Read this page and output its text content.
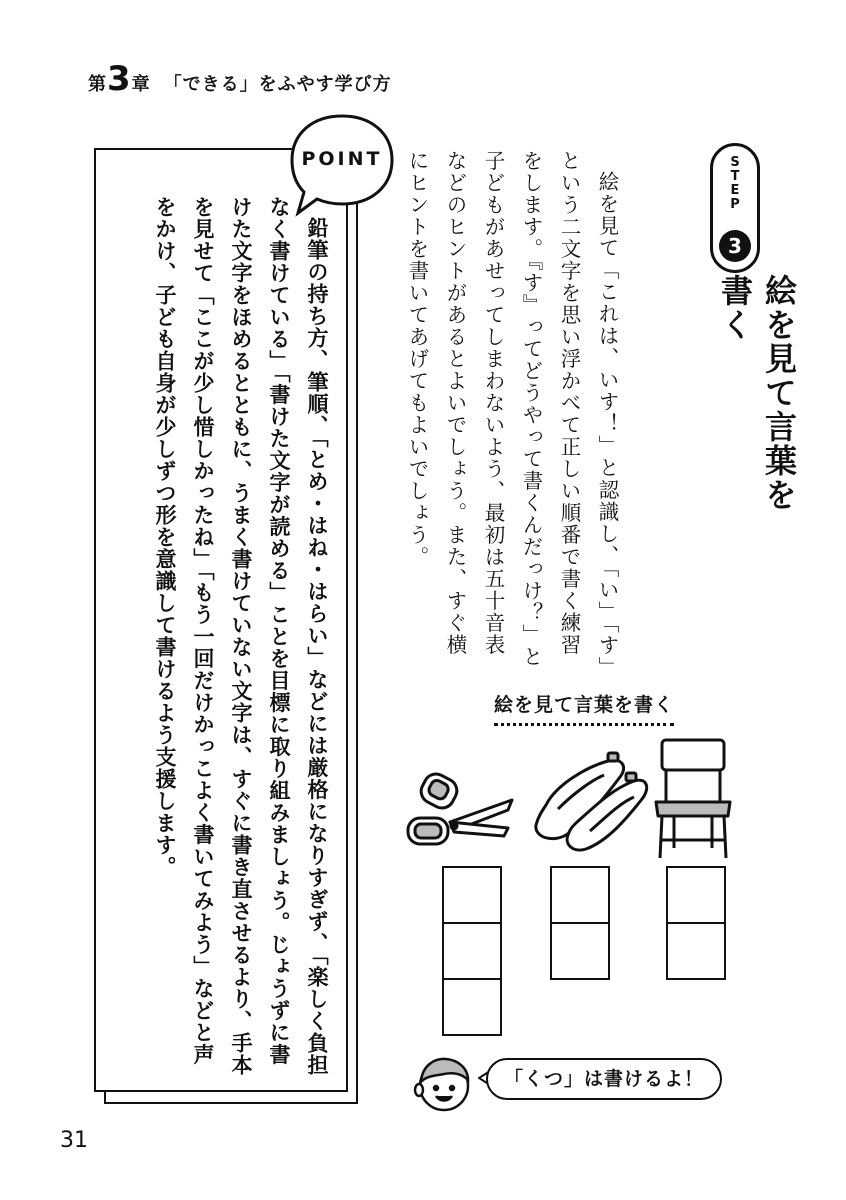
第 3 章 「できる」をふやす学び方
S
T
E
P
3
絵を見て言葉を書く

絵を見て「これは、いす！」と認識し、「い」「す」という二文字を思い浮かべて正しい順番で書く練習をします。『す』ってどうやって書くんだっけ？」と子どもがあせってしまわないよう、最初は五十音表などのヒントがあるとよいでしょう。また、すぐ横にヒントを書いてあげてもよいでしょう。

POINT

鉛筆の持ち方、筆順、「とめ・はね・はらい」などには厳格になりすぎず、「楽しく負担なく書けている」「書けた文字が読める」ことを目標に取り組みましょう。じょうずに書けた文字をほめるとともに、うまく書けていない文字は、すぐに書き直させるより、手本を見せて「ここが少し惜しかったね」「もう一回だけかっこよく書いてみよう」などと声をかけ、子ども自身が少しずつ形を意識して書けるよう支援します。	絵を見て言葉を書く
「くつ」は書けるよ！
31
